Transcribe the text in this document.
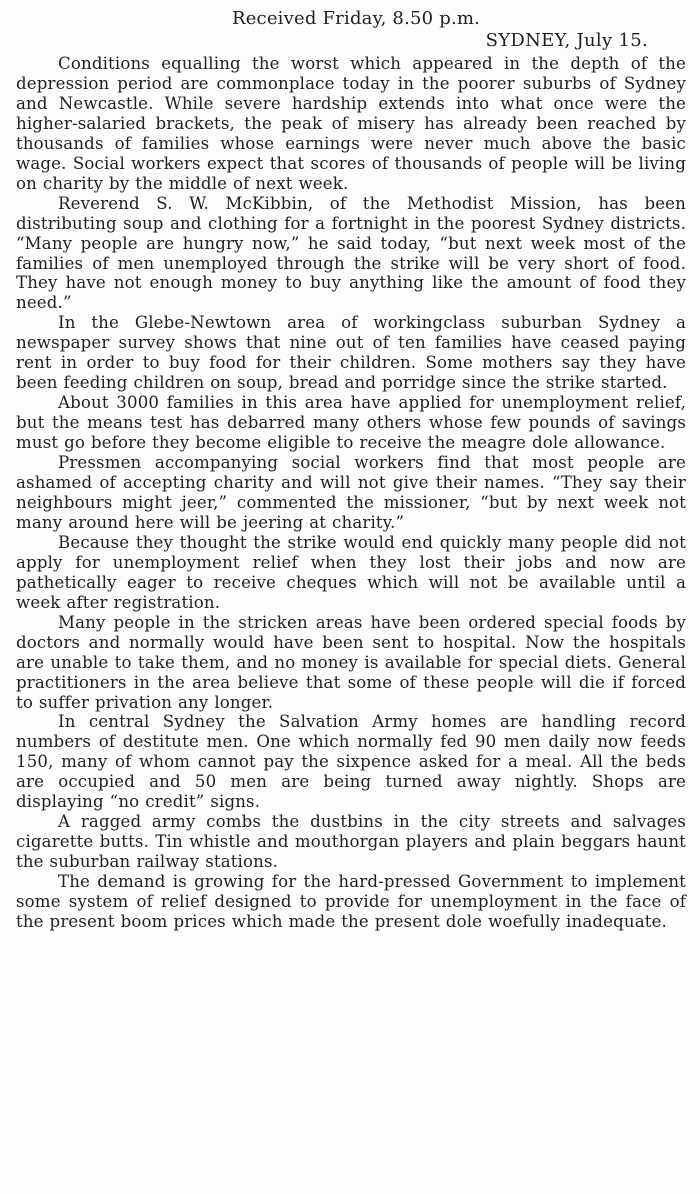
Received Friday, 8.50 p.m.
SYDNEY, July 15.

Conditions equalling the worst which appeared in the depth of the depression period are commonplace today in the poorer suburbs of Sydney and Newcastle. While severe hardship extends into what once were the higher-salaried brackets, the peak of misery has already been reached by thousands of families whose earnings were never much above the basic wage. Social workers expect that scores of thousands of people will be living on charity by the middle of next week.

Reverend S. W. McKibbin, of the Methodist Mission, has been distributing soup and clothing for a fortnight in the poorest Sydney districts. “Many people are hungry now,” he said today, “but next week most of the families of men unemployed through the strike will be very short of food. They have not enough money to buy anything like the amount of food they need.”

In the Glebe-Newtown area of workingclass suburban Sydney a newspaper survey shows that nine out of ten families have ceased paying rent in order to buy food for their children. Some mothers say they have been feeding children on soup, bread and porridge since the strike started.

About 3000 families in this area have applied for unemployment relief, but the means test has debarred many others whose few pounds of savings must go before they become eligible to receive the meagre dole allowance.

Pressmen accompanying social workers find that most people are ashamed of accepting charity and will not give their names. “They say their neighbours might jeer,” commented the missioner, “but by next week not many around here will be jeering at charity.”

Because they thought the strike would end quickly many people did not apply for unemployment relief when they lost their jobs and now are pathetically eager to receive cheques which will not be available until a week after registration.

Many people in the stricken areas have been ordered special foods by doctors and normally would have been sent to hospital. Now the hospitals are unable to take them, and no money is available for special diets. General practitioners in the area believe that some of these people will die if forced to suffer privation any longer.

In central Sydney the Salvation Army homes are handling record numbers of destitute men. One which normally fed 90 men daily now feeds 150, many of whom cannot pay the sixpence asked for a meal. All the beds are occupied and 50 men are being turned away nightly. Shops are displaying “no credit” signs.

A ragged army combs the dustbins in the city streets and salvages cigarette butts. Tin whistle and mouthorgan players and plain beggars haunt the suburban railway stations.

The demand is growing for the hard-pressed Government to implement some system of relief designed to provide for unemployment in the face of the present boom prices which made the present dole woefully inadequate.
